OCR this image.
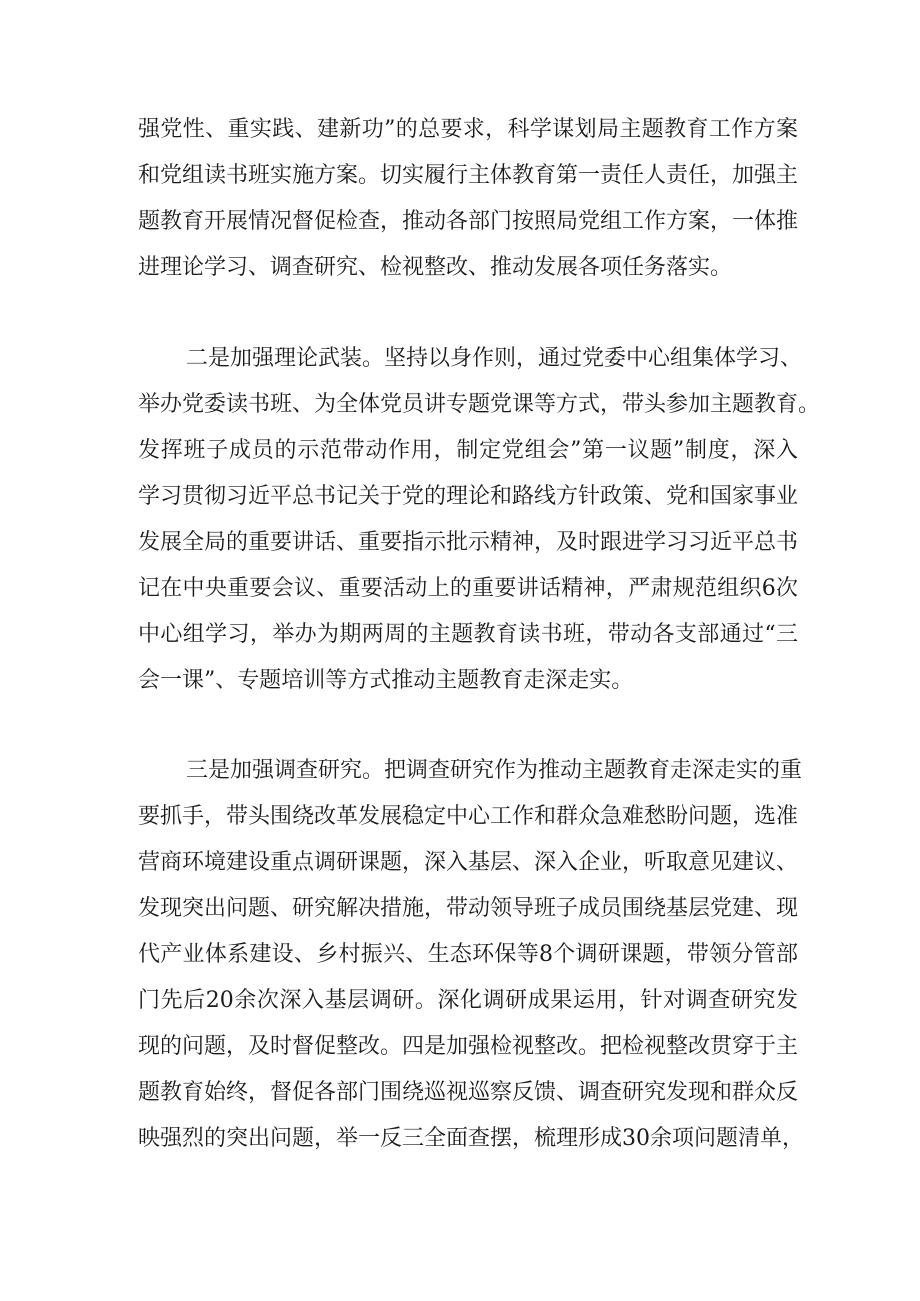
强党性、重实践、建新功”的总要求，科学谋划局主题教育工作方案
和党组读书班实施方案。切实履行主体教育第一责任人责任，加强主
题教育开展情况督促检查，推动各部门按照局党组工作方案，一体推
进理论学习、调查研究、检视整改、推动发展各项任务落实。
二是加强理论武装。坚持以身作则，通过党委中心组集体学习、
举办党委读书班、为全体党员讲专题党课等方式，带头参加主题教育。
发挥班子成员的示范带动作用，制定党组会”第一议题”制度，深入
学习贯彻习近平总书记关于党的理论和路线方针政策、党和国家事业
发展全局的重要讲话、重要指示批示精神，及时跟进学习习近平总书
记在中央重要会议、重要活动上的重要讲话精神，严肃规范组织6次
中心组学习，举办为期两周的主题教育读书班，带动各支部通过“三
会一课”、专题培训等方式推动主题教育走深走实。
三是加强调查研究。把调查研究作为推动主题教育走深走实的重
要抓手，带头围绕改革发展稳定中心工作和群众急难愁盼问题，选准
营商环境建设重点调研课题，深入基层、深入企业，听取意见建议、
发现突出问题、研究解决措施，带动领导班子成员围绕基层党建、现
代产业体系建设、乡村振兴、生态环保等8个调研课题，带领分管部
门先后20余次深入基层调研。深化调研成果运用，针对调查研究发
现的问题，及时督促整改。四是加强检视整改。把检视整改贯穿于主
题教育始终，督促各部门围绕巡视巡察反馈、调查研究发现和群众反
映强烈的突出问题，举一反三全面查摆，梳理形成30余项问题清单，
